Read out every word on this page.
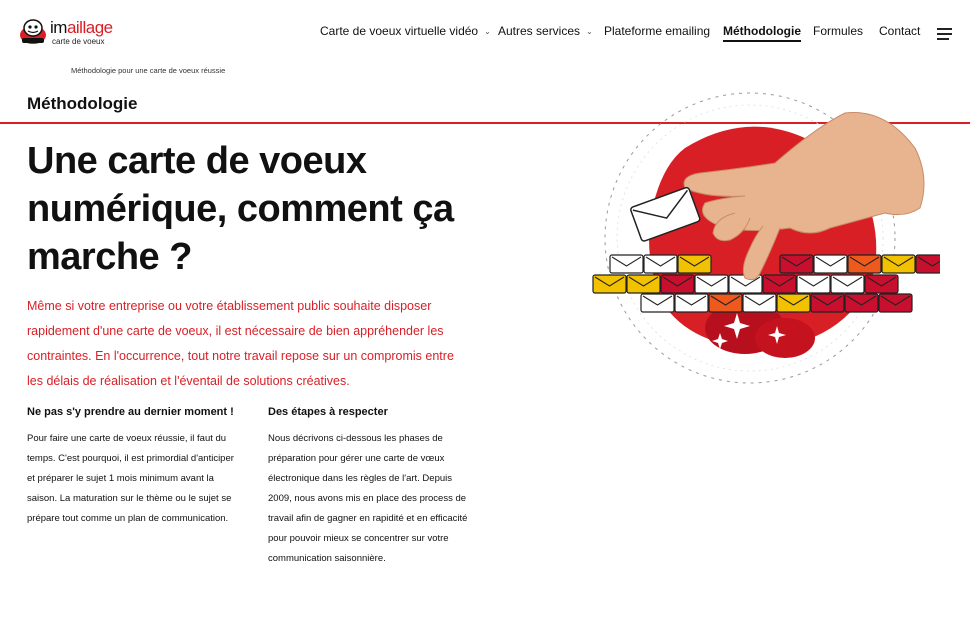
imaillage
carte de voeux
Carte de voeux virtuelle vidéo ⌄ Autres services ⌄ Plateforme emailing Méthodologie Formules Contact
Méthodologie pour une carte de voeux réussie
Méthodologie
Une carte de voeux numérique, comment ça marche ?

Même si votre entreprise ou votre établissement public souhaite disposer rapidement d'une carte de voeux, il est nécessaire de bien appréhender les contraintes. En l'occurrence, tout notre travail repose sur un compromis entre les délais de réalisation et l'éventail de solutions créatives.

Ne pas s'y prendre au dernier moment !

Pour faire une carte de voeux réussie, il faut du temps. C'est pourquoi, il est primordial d'anticiper et préparer le sujet 1 mois minimum avant la saison. La maturation sur le thème ou le sujet se prépare tout comme un plan de communication.

Des étapes à respecter

Nous décrivons ci-dessous les phases de préparation pour gérer une carte de vœux électronique dans les règles de l'art. Depuis 2009, nous avons mis en place des process de travail afin de gagner en rapidité et en efficacité pour pouvoir mieux se concentrer sur votre communication saisonnière.
